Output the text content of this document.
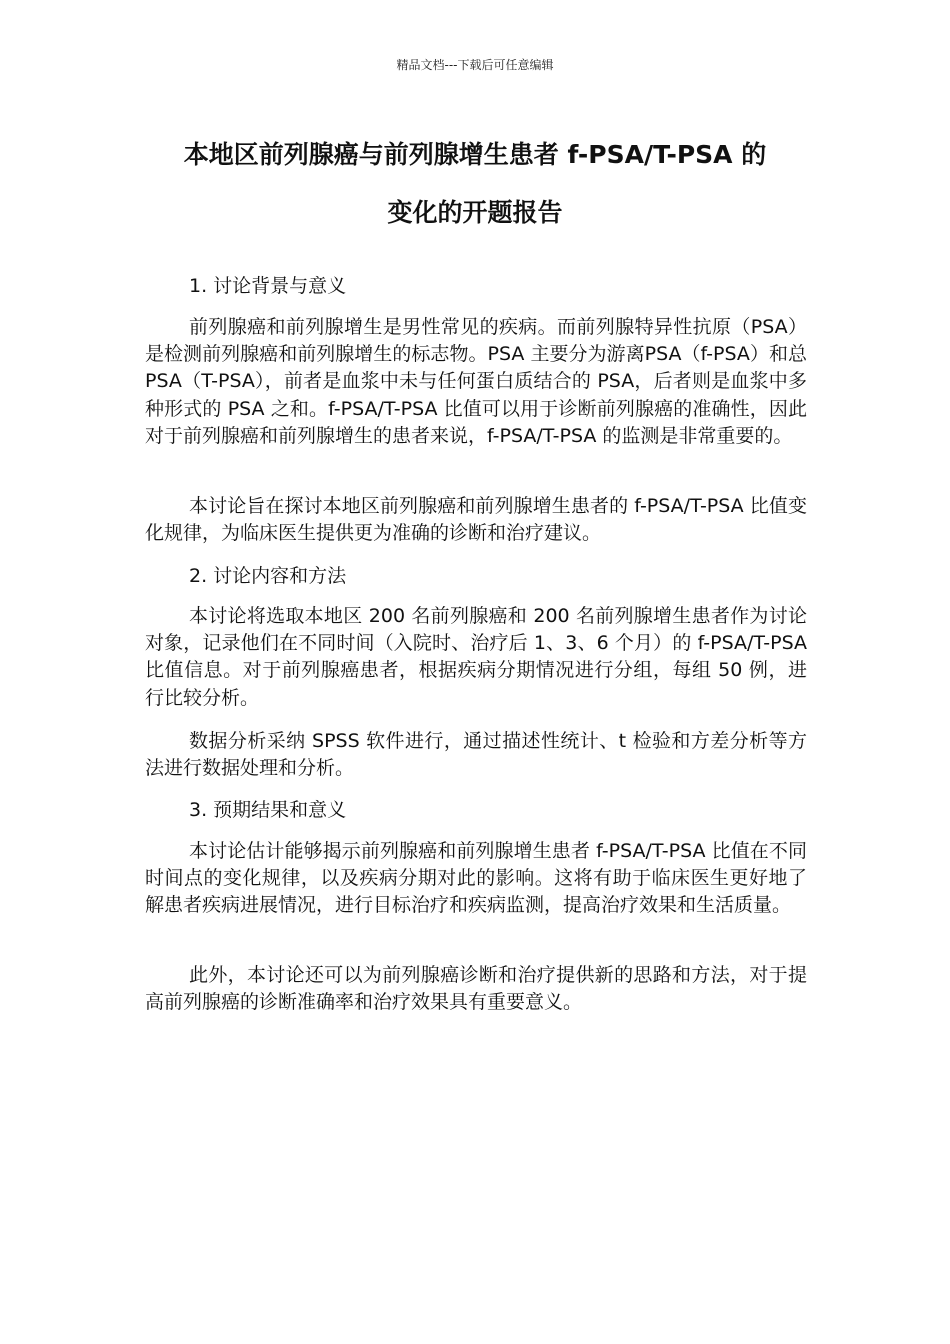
精品文档---下载后可任意编辑
本地区前列腺癌与前列腺增生患者 f-PSA/T-PSA 的
变化的开题报告
1. 讨论背景与意义

前列腺癌和前列腺增生是男性常见的疾病。而前列腺特异性抗原（PSA）是检测前列腺癌和前列腺增生的标志物。PSA 主要分为游离PSA（f-PSA）和总 PSA（T-PSA），前者是血浆中未与任何蛋白质结合的 PSA，后者则是血浆中多种形式的 PSA 之和。f-PSA/T-PSA 比值可以用于诊断前列腺癌的准确性，因此对于前列腺癌和前列腺增生的患者来说，f-PSA/T-PSA 的监测是非常重要的。

本讨论旨在探讨本地区前列腺癌和前列腺增生患者的 f-PSA/T-PSA 比值变化规律，为临床医生提供更为准确的诊断和治疗建议。

2. 讨论内容和方法

本讨论将选取本地区 200 名前列腺癌和 200 名前列腺增生患者作为讨论对象，记录他们在不同时间（入院时、治疗后 1、3、6 个月）的 f-PSA/T-PSA 比值信息。对于前列腺癌患者，根据疾病分期情况进行分组，每组 50 例，进行比较分析。

数据分析采纳 SPSS 软件进行，通过描述性统计、t 检验和方差分析等方法进行数据处理和分析。

3. 预期结果和意义

本讨论估计能够揭示前列腺癌和前列腺增生患者 f-PSA/T-PSA 比值在不同时间点的变化规律，以及疾病分期对此的影响。这将有助于临床医生更好地了解患者疾病进展情况，进行目标治疗和疾病监测，提高治疗效果和生活质量。

此外，本讨论还可以为前列腺癌诊断和治疗提供新的思路和方法，对于提高前列腺癌的诊断准确率和治疗效果具有重要意义。
